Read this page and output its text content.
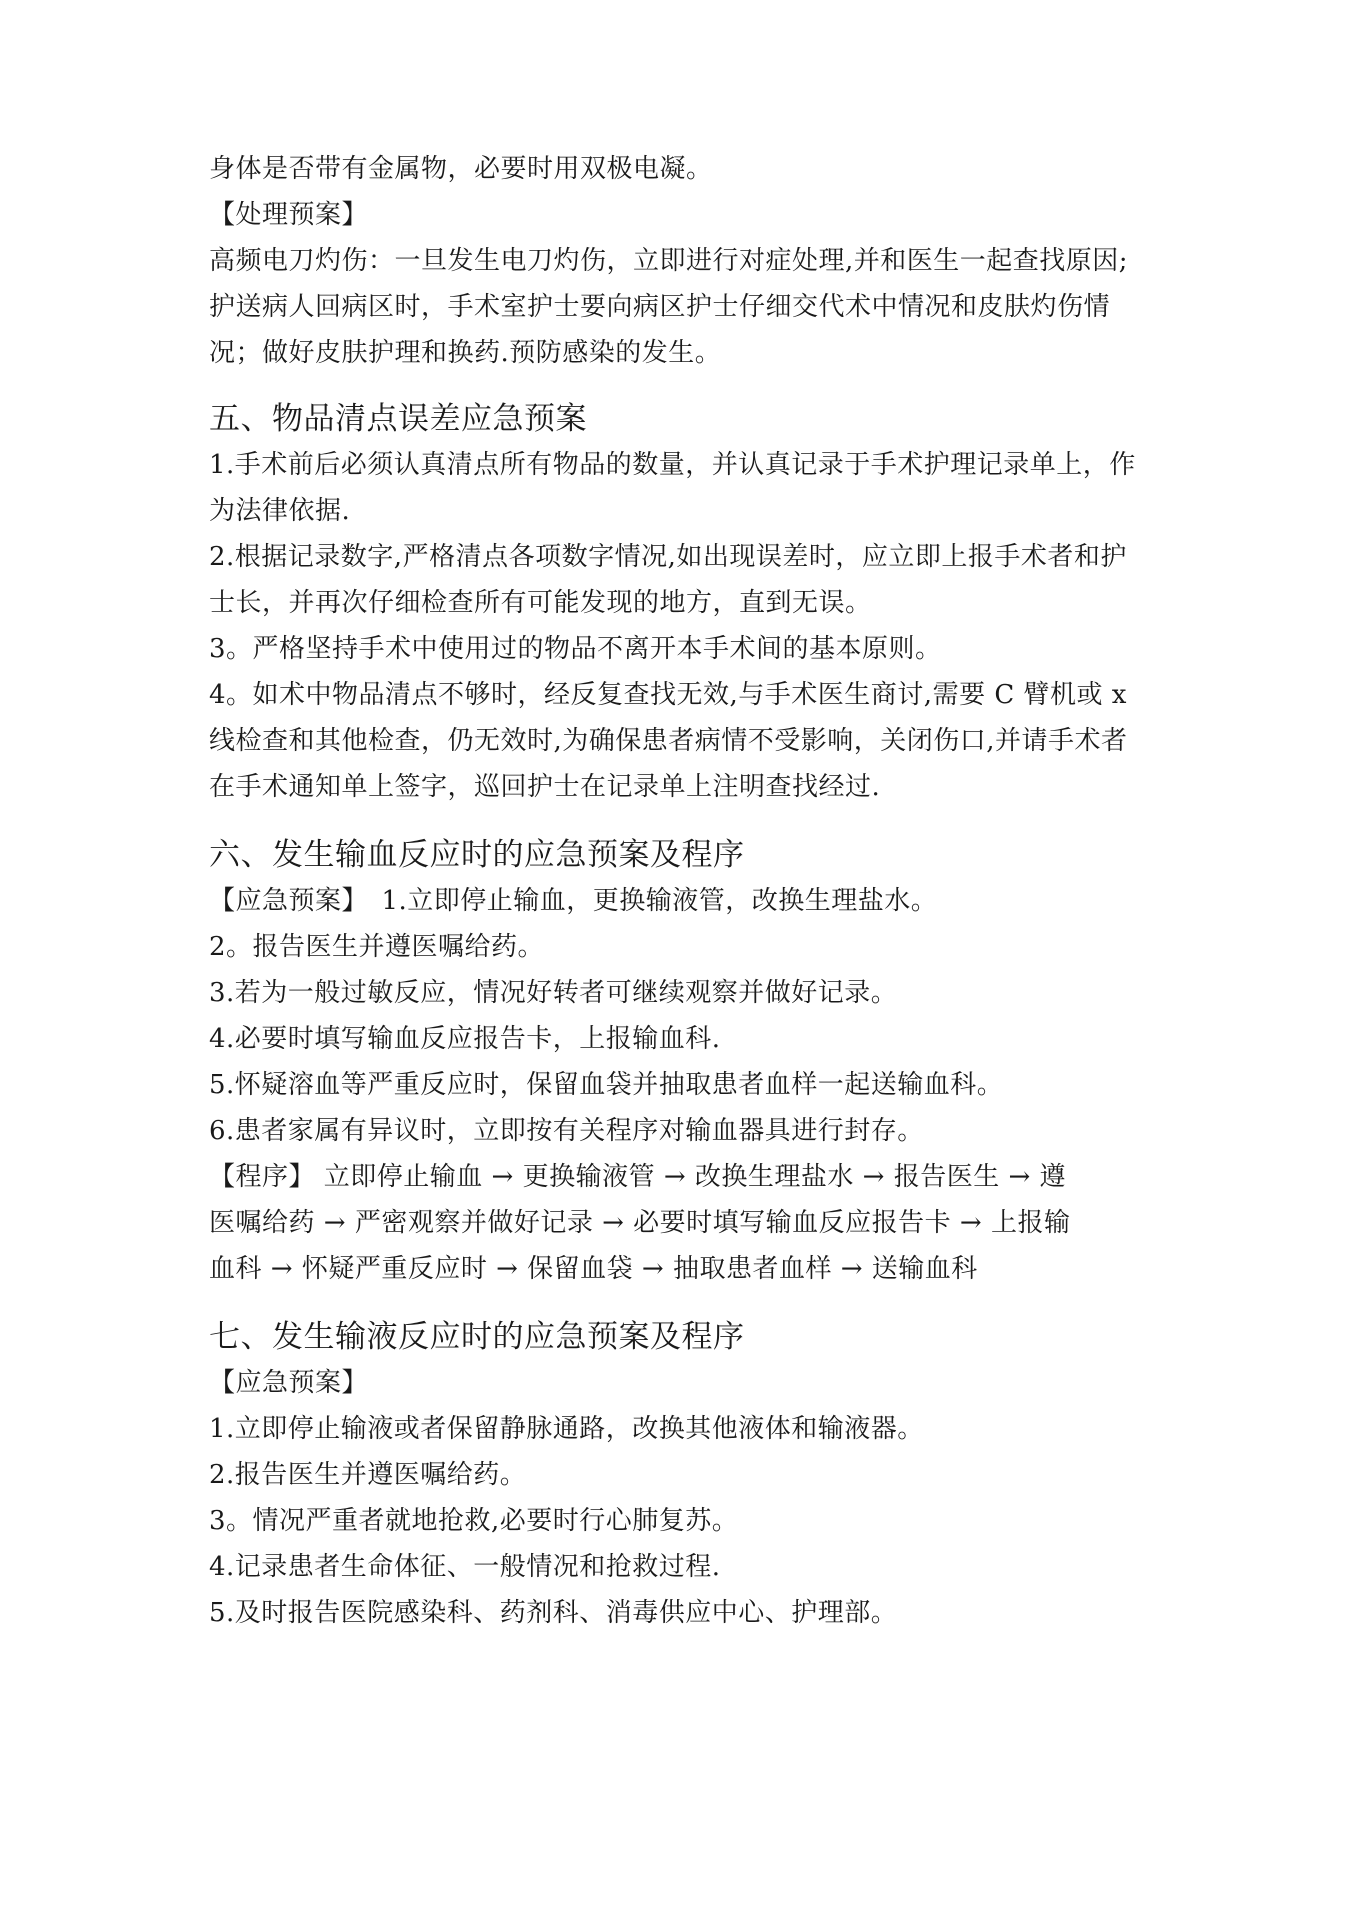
身体是否带有金属物，必要时用双极电凝。
【处理预案】
高频电刀灼伤：一旦发生电刀灼伤，立即进行对症处理,并和医生一起查找原因;
护送病人回病区时，手术室护士要向病区护士仔细交代术中情况和皮肤灼伤情
况；做好皮肤护理和换药.预防感染的发生。
五、物品清点误差应急预案
1.手术前后必须认真清点所有物品的数量，并认真记录于手术护理记录单上，作
为法律依据.
2.根据记录数字,严格清点各项数字情况,如出现误差时，应立即上报手术者和护
士长，并再次仔细检查所有可能发现的地方，直到无误。
3。严格坚持手术中使用过的物品不离开本手术间的基本原则。
4。如术中物品清点不够时，经反复查找无效,与手术医生商讨,需要 C 臂机或 x
线检查和其他检查，仍无效时,为确保患者病情不受影响，关闭伤口,并请手术者
在手术通知单上签字，巡回护士在记录单上注明查找经过.
六、发生输血反应时的应急预案及程序
【应急预案】　1.立即停止输血，更换输液管，改换生理盐水。
2。报告医生并遵医嘱给药。
3.若为一般过敏反应，情况好转者可继续观察并做好记录。
4.必要时填写输血反应报告卡，上报输血科.
5.怀疑溶血等严重反应时，保留血袋并抽取患者血样一起送输血科。
6.患者家属有异议时，立即按有关程序对输血器具进行封存。
【程序】 立即停止输血 → 更换输液管 → 改换生理盐水 → 报告医生 → 遵
医嘱给药 → 严密观察并做好记录 → 必要时填写输血反应报告卡 → 上报输
血科 → 怀疑严重反应时 → 保留血袋 → 抽取患者血样 → 送输血科
七、发生输液反应时的应急预案及程序
【应急预案】
1.立即停止输液或者保留静脉通路，改换其他液体和输液器。
2.报告医生并遵医嘱给药。
3。情况严重者就地抢救,必要时行心肺复苏。
4.记录患者生命体征、一般情况和抢救过程.
5.及时报告医院感染科、药剂科、消毒供应中心、护理部。
